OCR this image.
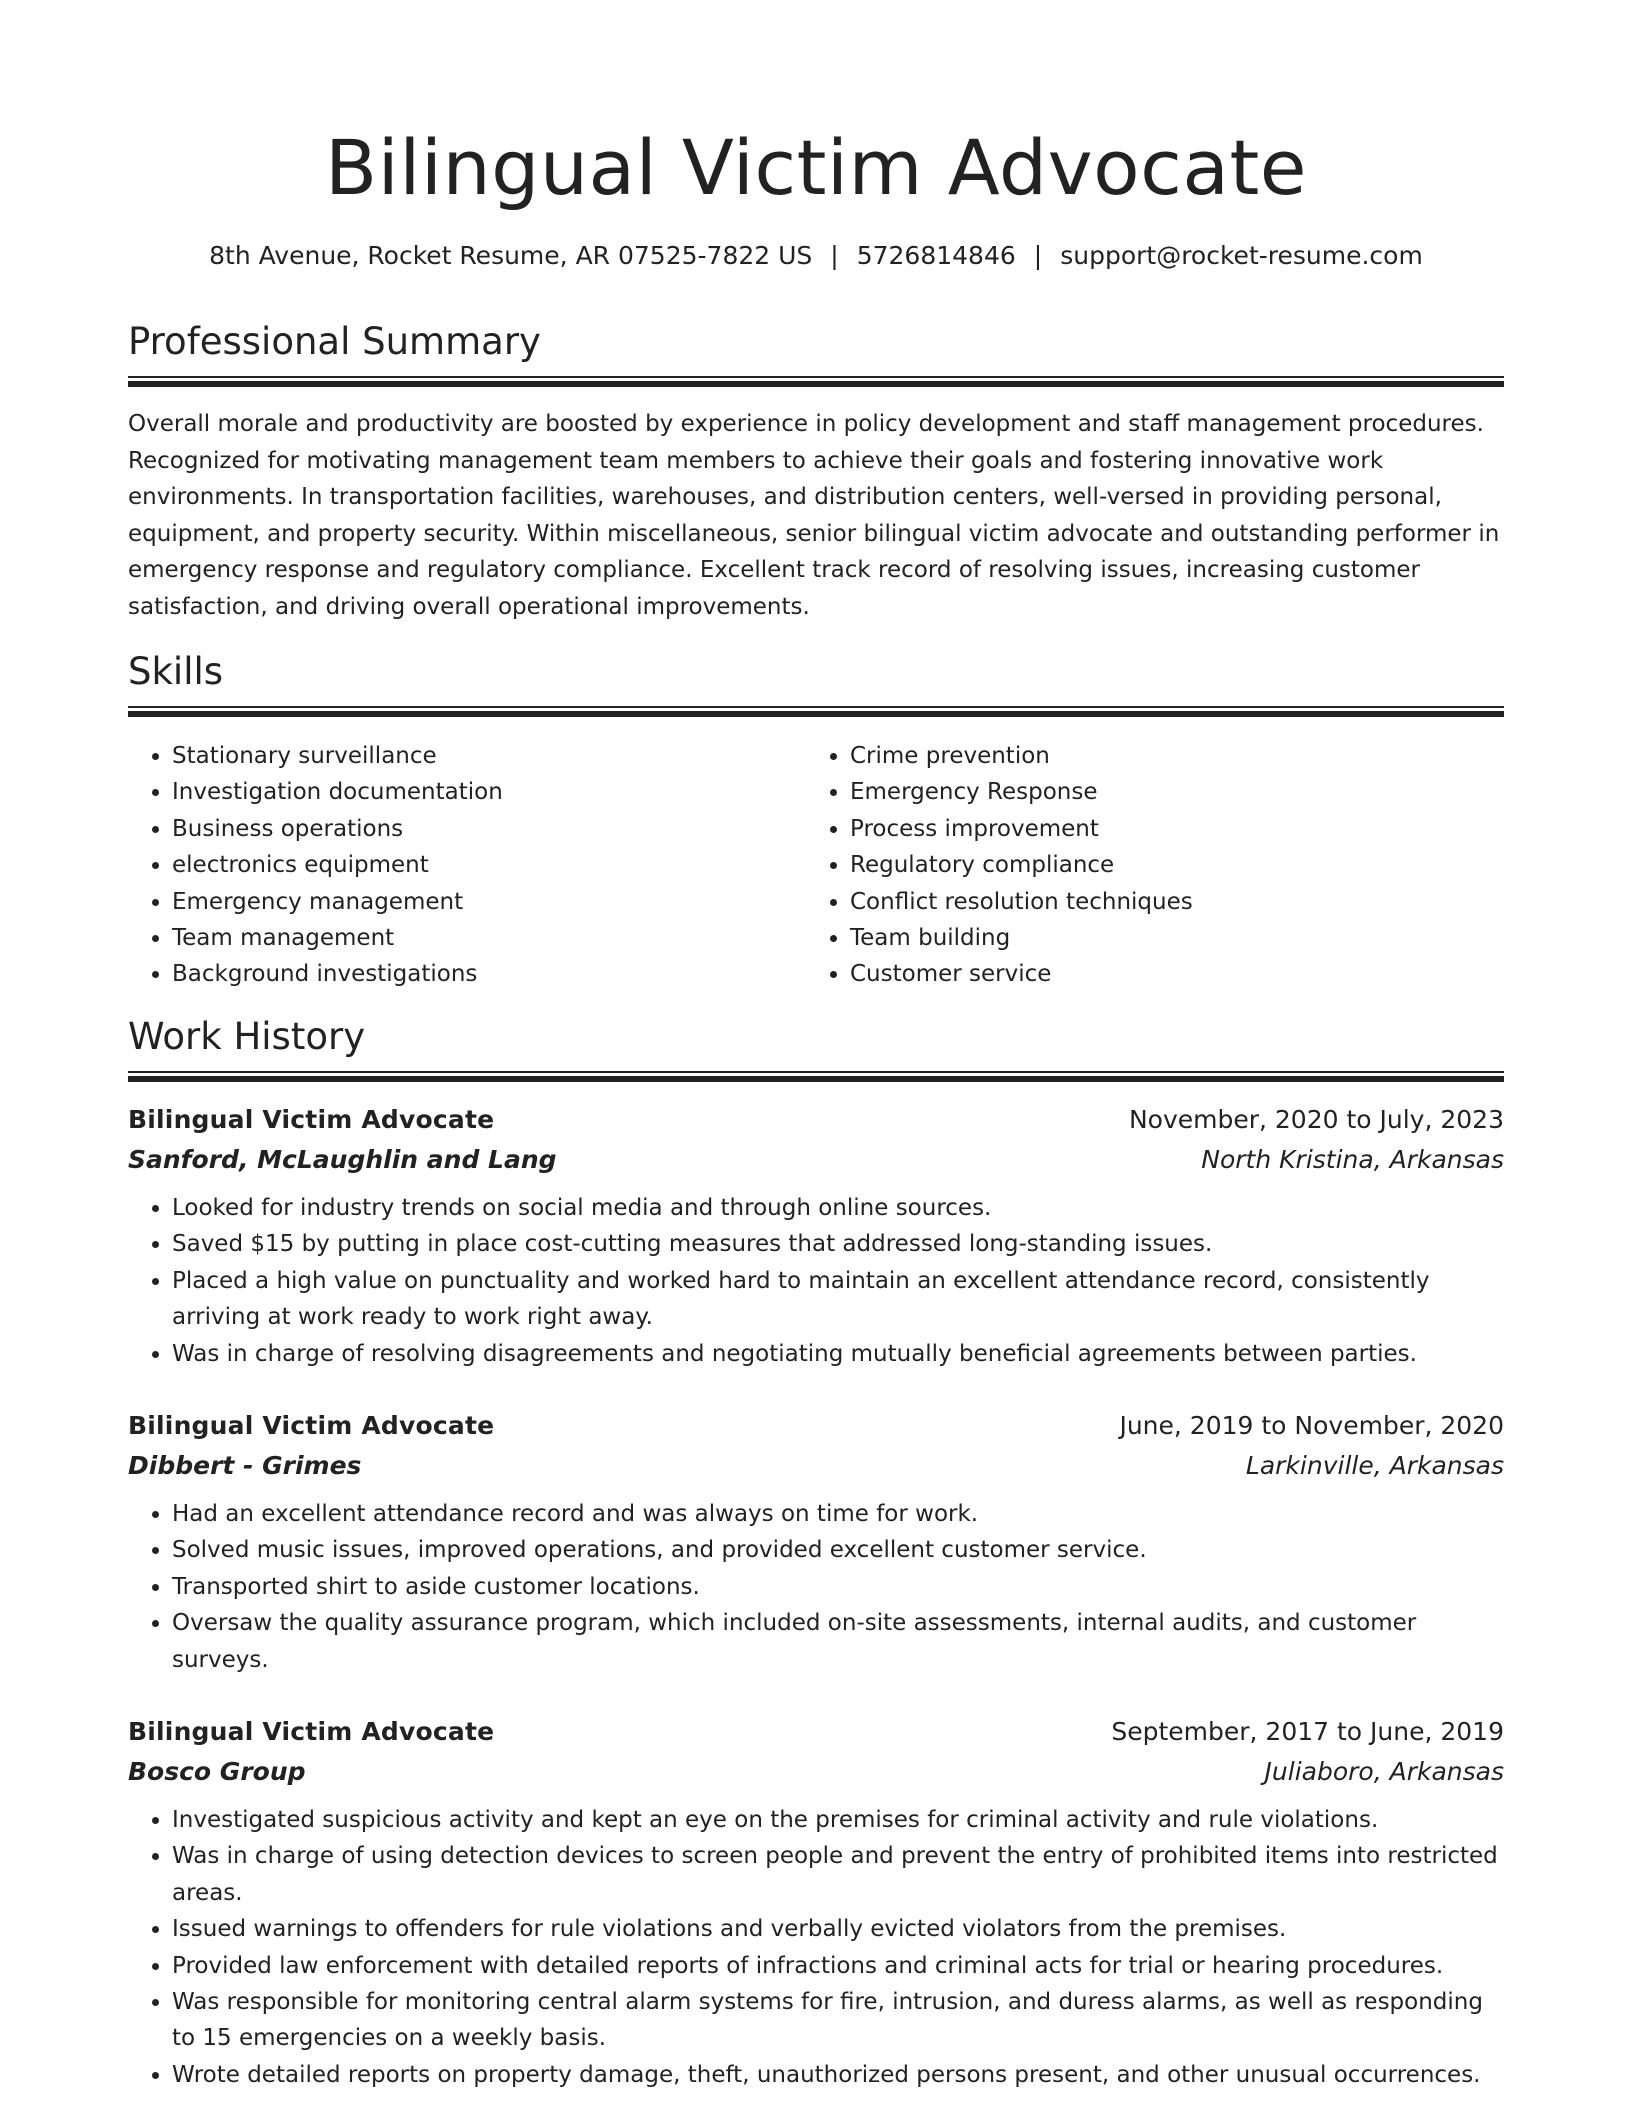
Bilingual Victim Advocate
8th Avenue, Rocket Resume, AR 07525-7822 US | 5726814846 | support@rocket-resume.com
Professional Summary

Overall morale and productivity are boosted by experience in policy development and staff management procedures. Recognized for motivating management team members to achieve their goals and fostering innovative work environments. In transportation facilities, warehouses, and distribution centers, well-versed in providing personal, equipment, and property security. Within miscellaneous, senior bilingual victim advocate and outstanding performer in emergency response and regulatory compliance. Excellent track record of resolving issues, increasing customer satisfaction, and driving overall operational improvements.

Skills
• Stationary surveillance
• Investigation documentation
• Business operations
• electronics equipment
• Emergency management
• Team management
• Background investigations
• Crime prevention
• Emergency Response
• Process improvement
• Regulatory compliance
• Conflict resolution techniques
• Team building
• Customer service
Work History
Bilingual Victim Advocate	November, 2020 to July, 2023
Sanford, McLaughlin and Lang	North Kristina, Arkansas
• Looked for industry trends on social media and through online sources.
• Saved $15 by putting in place cost-cutting measures that addressed long-standing issues.
• Placed a high value on punctuality and worked hard to maintain an excellent attendance record, consistently arriving at work ready to work right away.
• Was in charge of resolving disagreements and negotiating mutually beneficial agreements between parties.
Bilingual Victim Advocate	June, 2019 to November, 2020
Dibbert - Grimes	Larkinville, Arkansas
• Had an excellent attendance record and was always on time for work.
• Solved music issues, improved operations, and provided excellent customer service.
• Transported shirt to aside customer locations.
• Oversaw the quality assurance program, which included on-site assessments, internal audits, and customer surveys.
Bilingual Victim Advocate	September, 2017 to June, 2019
Bosco Group	Juliaboro, Arkansas
• Investigated suspicious activity and kept an eye on the premises for criminal activity and rule violations.
• Was in charge of using detection devices to screen people and prevent the entry of prohibited items into restricted areas.
• Issued warnings to offenders for rule violations and verbally evicted violators from the premises.
• Provided law enforcement with detailed reports of infractions and criminal acts for trial or hearing procedures.
• Was responsible for monitoring central alarm systems for fire, intrusion, and duress alarms, as well as responding to 15 emergencies on a weekly basis.
• Wrote detailed reports on property damage, theft, unauthorized persons present, and other unusual occurrences.
